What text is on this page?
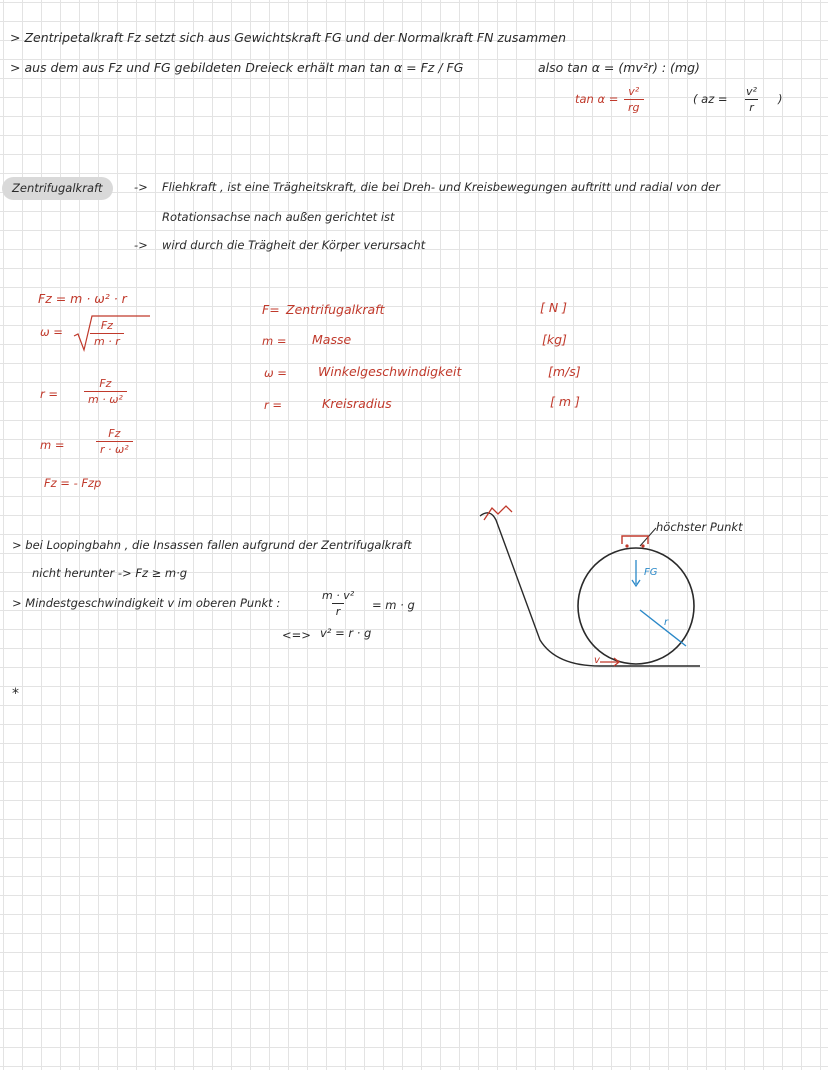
> Zentripetalkraft Fz setzt sich aus Gewichtskraft FG und der Normalkraft FN zusammen
> aus dem aus Fz und FG gebildeten Dreieck erhält man tan α = Fz / FG	also tan α = (mv²r) : (mg)
$\tan \alpha = \frac{\text{v²}}{rg}$	( az = $\frac{\text{v²}}{r}$ )
Zentrifugalkraft	-> Fliehkraft , ist eine Trägheitskraft, die bei Dreh- und Kreisbewegungen auftritt und radial von der
Rotationsachse nach außen gerichtet ist
-> wird durch die Trägheit der Körper verursacht
Fz = m · ω² · r
$\omega = \frac{Fz}{m \cdot r}$
$r = \frac{Fz}{\text{m · ω²}}$
m =	$\frac{Fz}{\text{r · ω²}}$
Fz = - Fzp
F= Zentrifugalkraft	[ N ]
m = Masse	[kg]
ω = Winkelgeschwindigkeit	[m/s]
r =	Kreisradius	[ m ]
> bei Loopingbahn , die Insassen fallen aufgrund der Zentrifugalkraft
nicht herunter -> Fz ≥ m·g
> Mindestgeschwindigkeit v im oberen Punkt :	$\frac{\text{m · v²}}{r} = m \cdot g$
<=> v² = r · g
*
höchster Punkt
FG
r
v
